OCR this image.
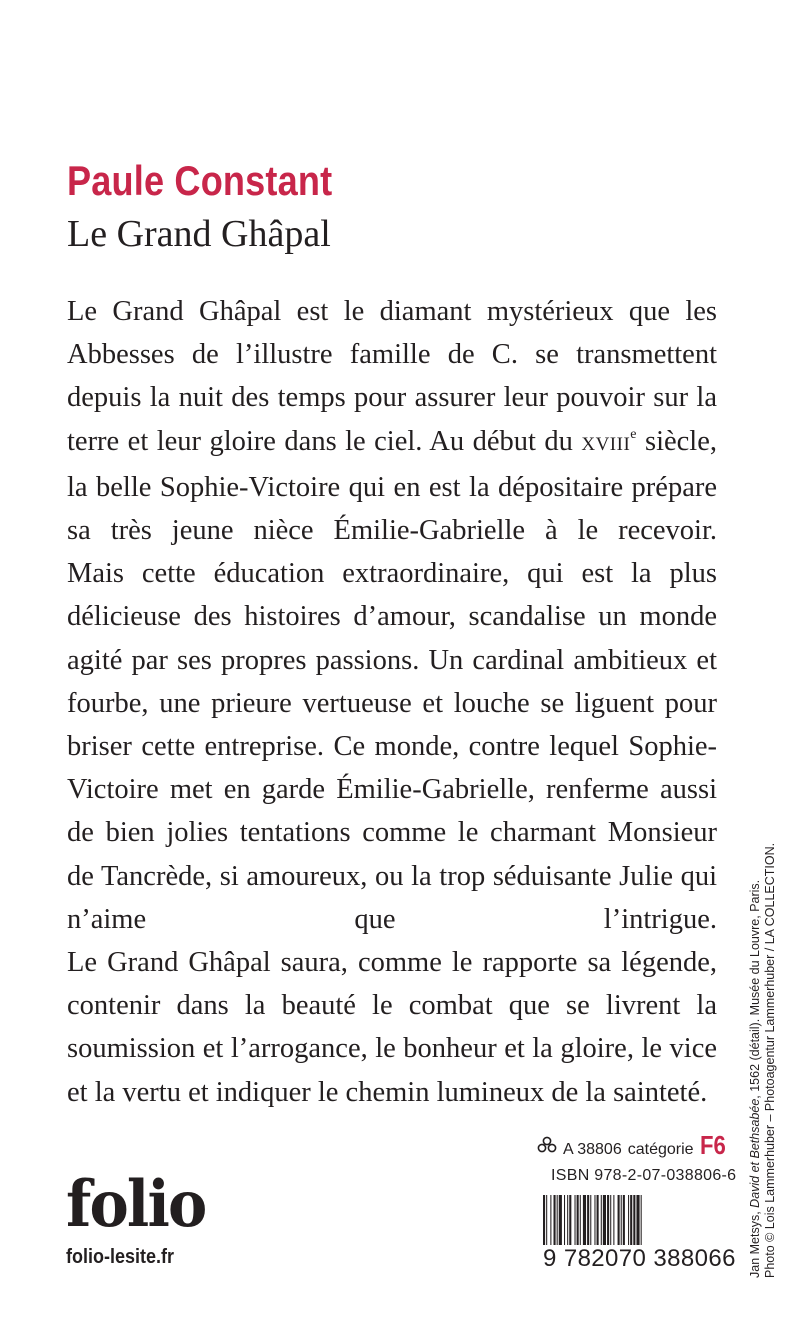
Paule Constant
Le Grand Ghâpal

Le Grand Ghâpal est le diamant mystérieux que les Abbesses de l’illustre famille de C. se transmettent depuis la nuit des temps pour assurer leur pouvoir sur la terre et leur gloire dans le ciel. Au début du XVIIIe siècle, la belle Sophie-Victoire qui en est la dépositaire prépare sa très jeune nièce Émilie-Gabrielle à le recevoir.

Mais cette éducation extraordinaire, qui est la plus délicieuse des histoires d’amour, scandalise un monde agité par ses propres passions. Un cardinal ambitieux et fourbe, une prieure vertueuse et louche se liguent pour briser cette entreprise. Ce monde, contre lequel Sophie-Victoire met en garde Émilie-Gabrielle, renferme aussi de bien jolies tentations comme le charmant Monsieur de Tancrède, si amoureux, ou la trop séduisante Julie qui n’aime que l’intrigue.

Le Grand Ghâpal saura, comme le rapporte sa légende, contenir dans la beauté le combat que se livrent la soumission et l’arrogance, le bonheur et la gloire, le vice et la vertu et indiquer le chemin lumineux de la sainteté.

A 38806 catégorie F6
ISBN 978-2-07-038806-6
9 782070 388066
folio
folio-lesite.fr	Jan Metsys, David et Bethsabée, 1562 (détail). Musée du Louvre, Paris. Photo © Lois Lammerhuber – Photoagentur Lammerhuber / LA COLLECTION.
